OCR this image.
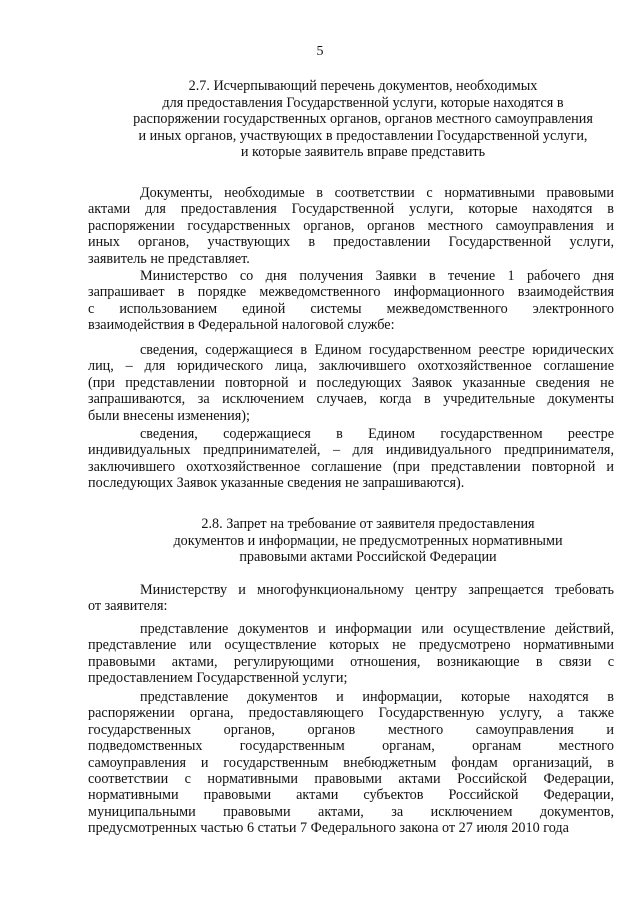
5
2.7. Исчерпывающий перечень документов, необходимых
для предоставления Государственной услуги, которые находятся в
распоряжении государственных органов, органов местного самоуправления
и иных органов, участвующих в предоставлении Государственной услуги,
и которые заявитель вправе представить
Документы, необходимые в соответствии с нормативными правовыми
актами для предоставления Государственной услуги, которые находятся в
распоряжении государственных органов, органов местного самоуправления и
иных органов, участвующих в предоставлении Государственной услуги,
заявитель не представляет.
Министерство со дня получения Заявки в течение 1 рабочего дня
запрашивает в порядке межведомственного информационного взаимодействия
с использованием единой системы межведомственного электронного
взаимодействия в Федеральной налоговой службе:
сведения, содержащиеся в Едином государственном реестре юридических
лиц, – для юридического лица, заключившего охотхозяйственное соглашение
(при представлении повторной и последующих Заявок указанные сведения не
запрашиваются, за исключением случаев, когда в учредительные документы
были внесены изменения);
сведения, содержащиеся в Едином государственном реестре
индивидуальных предпринимателей, – для индивидуального предпринимателя,
заключившего охотхозяйственное соглашение (при представлении повторной и
последующих Заявок указанные сведения не запрашиваются).
2.8. Запрет на требование от заявителя предоставления
документов и информации, не предусмотренных нормативными
правовыми актами Российской Федерации
Министерству и многофункциональному центру запрещается требовать
от заявителя:
представление документов и информации или осуществление действий,
представление или осуществление которых не предусмотрено нормативными
правовыми актами, регулирующими отношения, возникающие в связи с
предоставлением Государственной услуги;
представление документов и информации, которые находятся в
распоряжении органа, предоставляющего Государственную услугу, а также
государственных органов, органов местного самоуправления и
подведомственных государственным органам, органам местного
самоуправления и государственным внебюджетным фондам организаций, в
соответствии с нормативными правовыми актами Российской Федерации,
нормативными правовыми актами субъектов Российской Федерации,
муниципальными правовыми актами, за исключением документов,
предусмотренных частью 6 статьи 7 Федерального закона от 27 июля 2010 года
